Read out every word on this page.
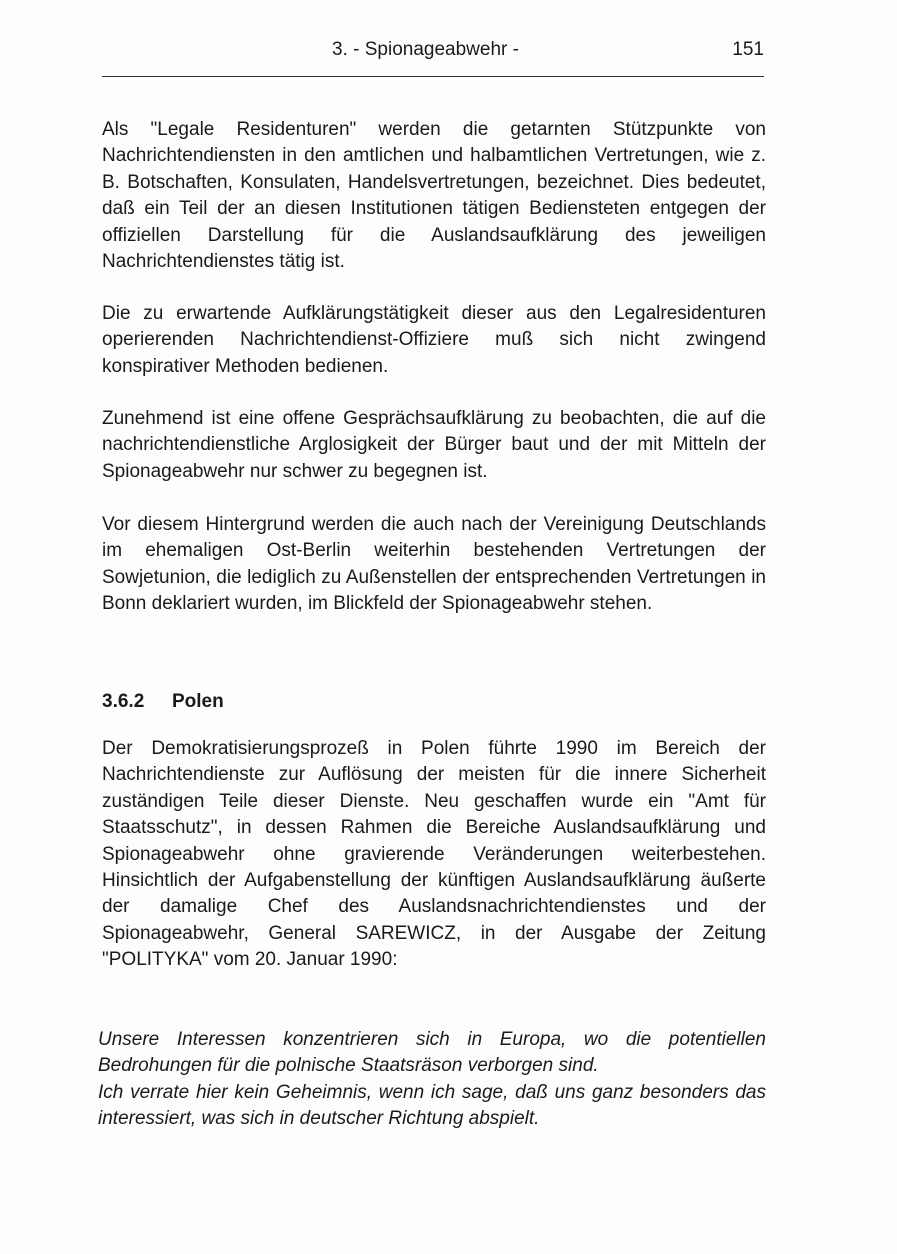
3. - Spionageabwehr -	151

Als "Legale Residenturen" werden die getarnten Stützpunkte von Nachrichtendiensten in den amtlichen und halbamtlichen Vertretungen, wie z. B. Botschaften, Konsulaten, Handelsvertretungen, bezeichnet. Dies bedeutet, daß ein Teil der an diesen Institutionen tätigen Bediensteten entgegen der offiziellen Darstellung für die Auslandsaufklärung des jeweiligen Nachrichtendienstes tätig ist.

Die zu erwartende Aufklärungstätigkeit dieser aus den Legalresidenturen operierenden Nachrichtendienst-Offiziere muß sich nicht zwingend konspirativer Methoden bedienen.

Zunehmend ist eine offene Gesprächsaufklärung zu beobachten, die auf die nachrichtendienstliche Arglosigkeit der Bürger baut und der mit Mitteln der Spionageabwehr nur schwer zu begegnen ist.

Vor diesem Hintergrund werden die auch nach der Vereinigung Deutschlands im ehemaligen Ost-Berlin weiterhin bestehenden Vertretungen der Sowjetunion, die lediglich zu Außenstellen der entsprechenden Vertretungen in Bonn deklariert wurden, im Blickfeld der Spionageabwehr stehen.

3.6.2 Polen

Der Demokratisierungsprozeß in Polen führte 1990 im Bereich der Nachrichtendienste zur Auflösung der meisten für die innere Sicherheit zuständigen Teile dieser Dienste. Neu geschaffen wurde ein "Amt für Staatsschutz", in dessen Rahmen die Bereiche Auslandsaufklärung und Spionageabwehr ohne gravierende Veränderungen weiterbestehen. Hinsichtlich der Aufgabenstellung der künftigen Auslandsaufklärung äußerte der damalige Chef des Auslandsnachrichtendienstes und der Spionageabwehr, General SAREWICZ, in der Ausgabe der Zeitung "POLITYKA" vom 20. Januar 1990:

Unsere Interessen konzentrieren sich in Europa, wo die potentiellen Bedrohungen für die polnische Staatsräson verborgen sind.

Ich verrate hier kein Geheimnis, wenn ich sage, daß uns ganz besonders das interessiert, was sich in deutscher Richtung abspielt.
